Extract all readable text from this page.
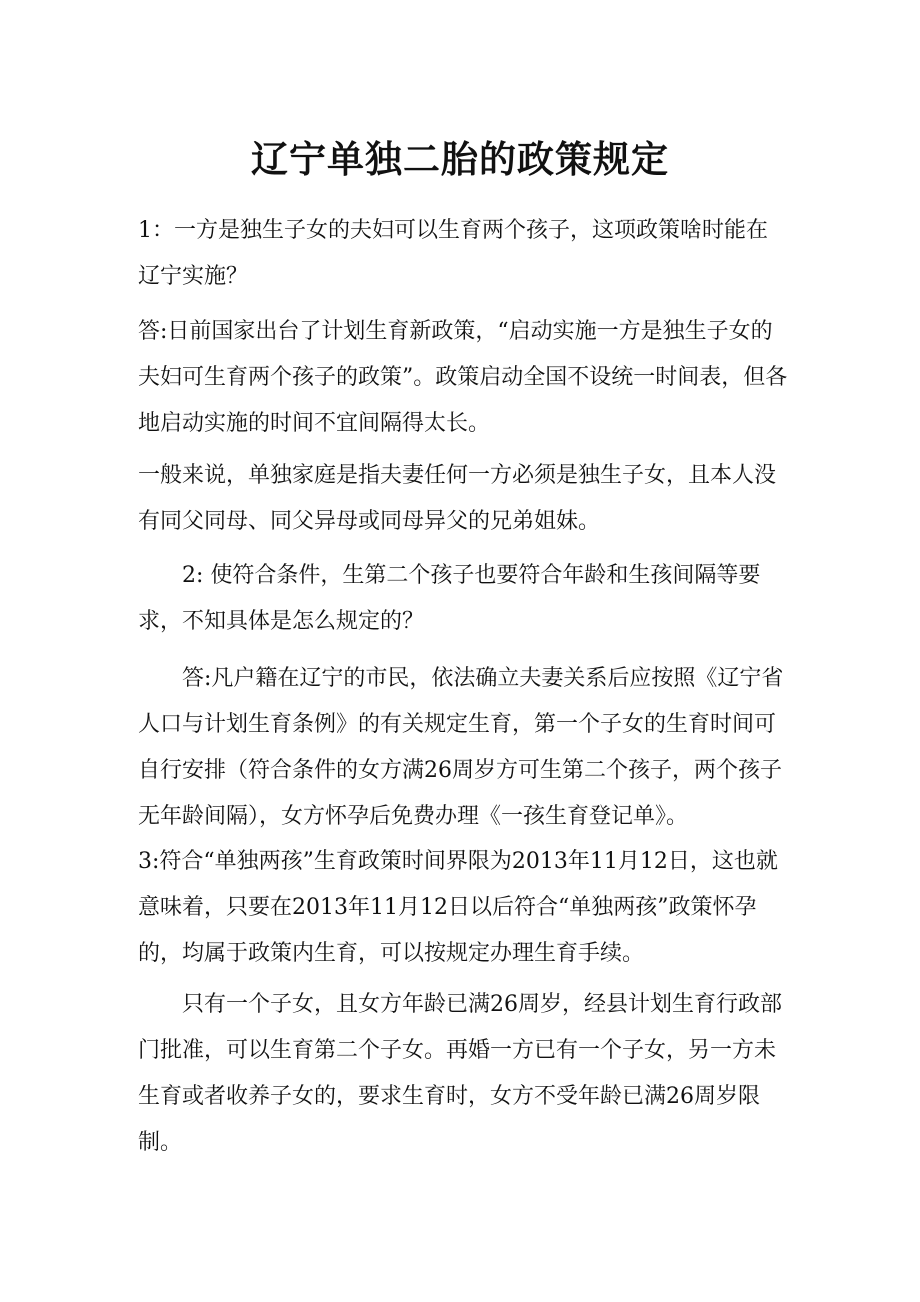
辽宁单独二胎的政策规定

1：一方是独生子女的夫妇可以生育两个孩子，这项政策啥时能在辽宁实施？

答:日前国家出台了计划生育新政策，“启动实施一方是独生子女的夫妇可生育两个孩子的政策”。政策启动全国不设统一时间表，但各地启动实施的时间不宜间隔得太长。

一般来说，单独家庭是指夫妻任何一方必须是独生子女，且本人没有同父同母、同父异母或同母异父的兄弟姐妹。

2: 使符合条件，生第二个孩子也要符合年龄和生孩间隔等要求，不知具体是怎么规定的？

答:凡户籍在辽宁的市民，依法确立夫妻关系后应按照《辽宁省人口与计划生育条例》的有关规定生育，第一个子女的生育时间可自行安排（符合条件的女方满26周岁方可生第二个孩子，两个孩子无年龄间隔），女方怀孕后免费办理《一孩生育登记单》。

3:符合“单独两孩”生育政策时间界限为2013年11月12日，这也就意味着，只要在2013年11月12日以后符合“单独两孩”政策怀孕的，均属于政策内生育，可以按规定办理生育手续。

只有一个子女，且女方年龄已满26周岁，经县计划生育行政部门批准，可以生育第二个子女。再婚一方已有一个子女，另一方未生育或者收养子女的，要求生育时，女方不受年龄已满26周岁限制。
